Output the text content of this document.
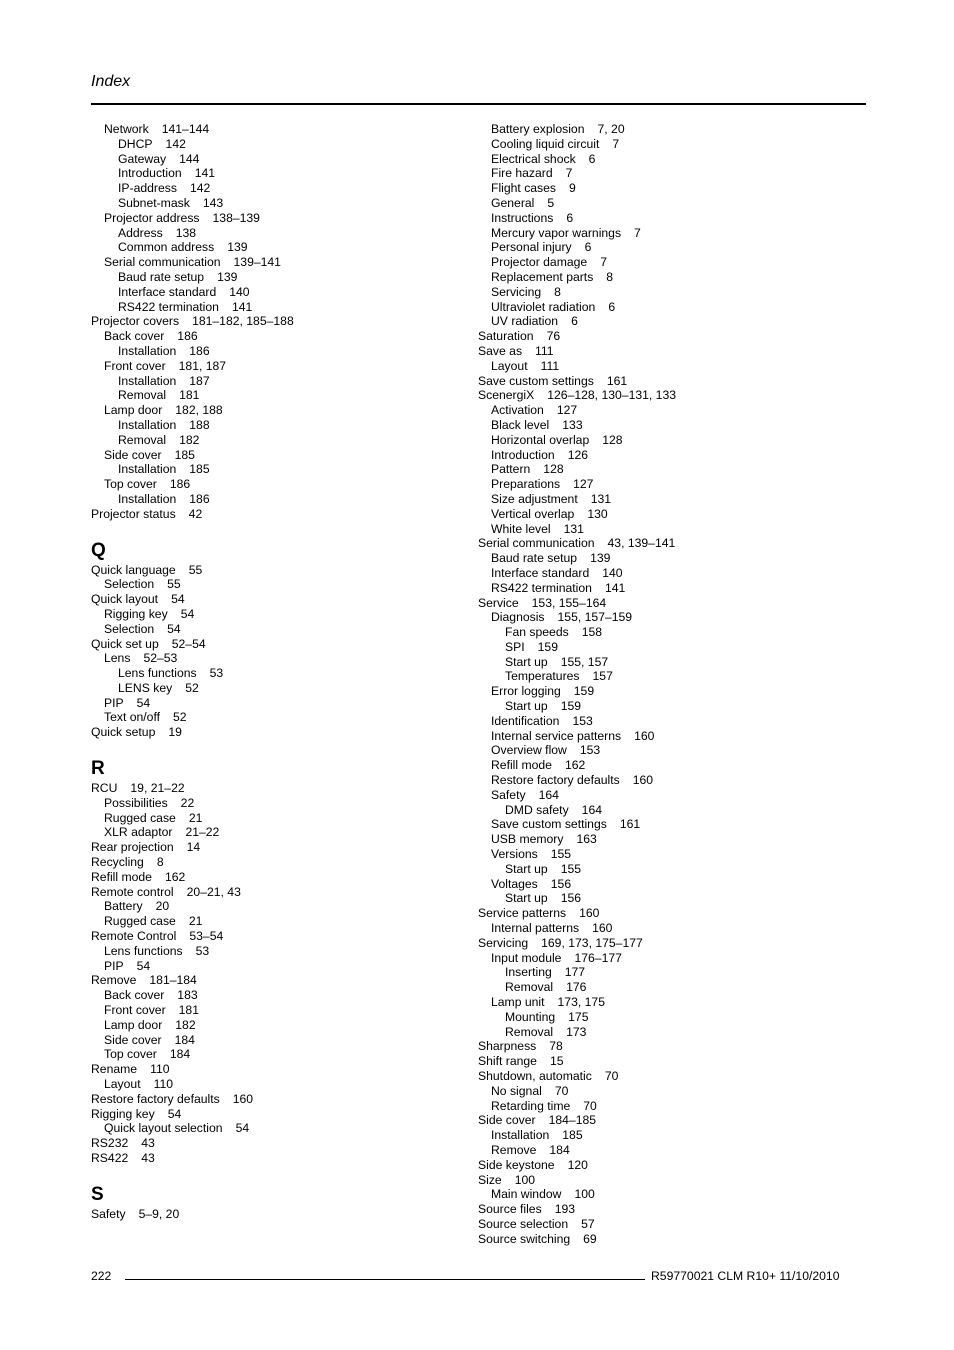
Index
Network 141–144
DHCP 142
Gateway 144
Introduction 141
IP-address 142
Subnet-mask 143
Projector address 138–139
Address 138
Common address 139
Serial communication 139–141
Baud rate setup 139
Interface standard 140
RS422 termination 141
Projector covers 181–182, 185–188
Back cover 186
Installation 186
Front cover 181, 187
Installation 187
Removal 181
Lamp door 182, 188
Installation 188
Removal 182
Side cover 185
Installation 185
Top cover 186
Installation 186
Projector status 42
Q
Quick language 55
Selection 55
Quick layout 54
Rigging key 54
Selection 54
Quick set up 52–54
Lens 52–53
Lens functions 53
LENS key 52
PIP 54
Text on/off 52
Quick setup 19
R
RCU 19, 21–22
Possibilities 22
Rugged case 21
XLR adaptor 21–22
Rear projection 14
Recycling 8
Refill mode 162
Remote control 20–21, 43
Battery 20
Rugged case 21
Remote Control 53–54
Lens functions 53
PIP 54
Remove 181–184
Back cover 183
Front cover 181
Lamp door 182
Side cover 184
Top cover 184
Rename 110
Layout 110
Restore factory defaults 160
Rigging key 54
Quick layout selection 54
RS232 43
RS422 43
S
Safety 5–9, 20
Battery explosion 7, 20
Cooling liquid circuit 7
Electrical shock 6
Fire hazard 7
Flight cases 9
General 5
Instructions 6
Mercury vapor warnings 7
Personal injury 6
Projector damage 7
Replacement parts 8
Servicing 8
Ultraviolet radiation 6
UV radiation 6
Saturation 76
Save as 111
Layout 111
Save custom settings 161
ScenergiX 126–128, 130–131, 133
Activation 127
Black level 133
Horizontal overlap 128
Introduction 126
Pattern 128
Preparations 127
Size adjustment 131
Vertical overlap 130
White level 131
Serial communication 43, 139–141
Baud rate setup 139
Interface standard 140
RS422 termination 141
Service 153, 155–164
Diagnosis 155, 157–159
Fan speeds 158
SPI 159
Start up 155, 157
Temperatures 157
Error logging 159
Start up 159
Identification 153
Internal service patterns 160
Overview flow 153
Refill mode 162
Restore factory defaults 160
Safety 164
DMD safety 164
Save custom settings 161
USB memory 163
Versions 155
Start up 155
Voltages 156
Start up 156
Service patterns 160
Internal patterns 160
Servicing 169, 173, 175–177
Input module 176–177
Inserting 177
Removal 176
Lamp unit 173, 175
Mounting 175
Removal 173
Sharpness 78
Shift range 15
Shutdown, automatic 70
No signal 70
Retarding time 70
Side cover 184–185
Installation 185
Remove 184
Side keystone 120
Size 100
Main window 100
Source files 193
Source selection 57
Source switching 69
222	R59770021 CLM R10+ 11/10/2010
